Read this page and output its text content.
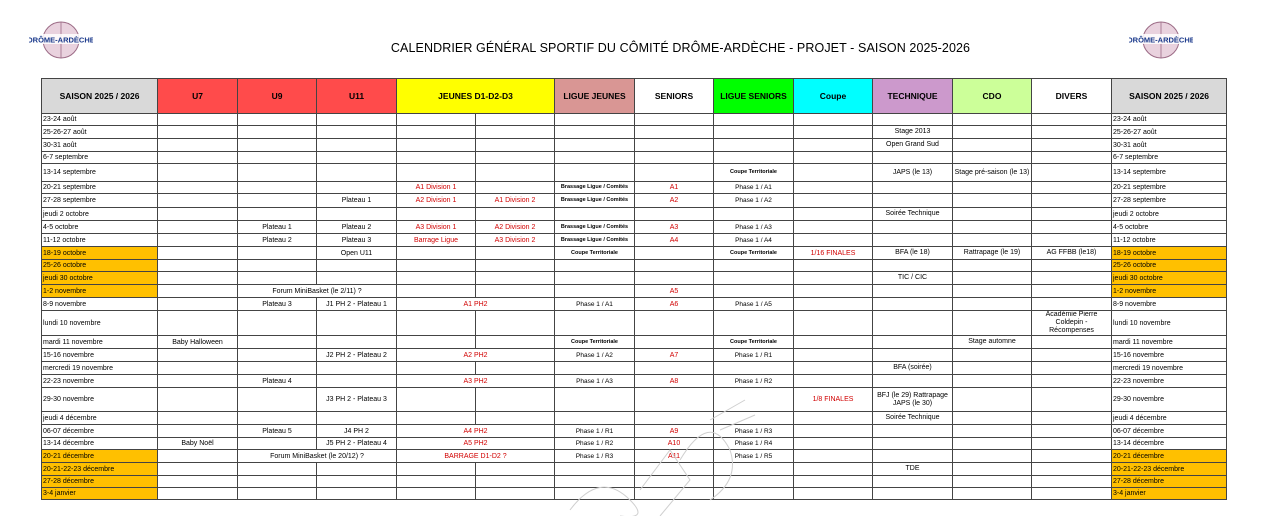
DRÔME-ARDÈCHE	DRÔME-ARDÈCHE
CALENDRIER GÉNÉRAL SPORTIF DU CÔMITÉ DRÔME-ARDÈCHE - PROJET - SAISON 2025-2026
SAISON 2025 / 2026	U7	U9	U11	JEUNES D1-D2-D3		LIGUE JEUNES	SENIORS	LIGUE SENIORS	Coupe	TECHNIQUE	CDO	DIVERS	SAISON 2025 / 2026
23-24 août													23-24 août
25-26-27 août										Stage 2013			25-26-27 août
30-31 août										Open Grand Sud			30-31 août
6-7 septembre													6-7 septembre
13-14 septembre								Coupe Territoriale		JAPS (le 13)	Stage pré-saison (le 13)		13-14 septembre
20-21 septembre				A1 Division 1		Brassage Ligue / Comités	A1	Phase 1 / A1					20-21 septembre
27-28 septembre			Plateau 1	A2 Division 1	A1 Division 2	Brassage Ligue / Comités	A2	Phase 1 / A2					27-28 septembre
jeudi 2 octobre										Soirée Technique			jeudi 2 octobre
4-5 octobre		Plateau 1	Plateau 2	A3 Division 1	A2 Division 2	Brassage Ligue / Comités	A3	Phase 1 / A3					4-5 octobre
11-12 octobre		Plateau 2	Plateau 3	Barrage Ligue	A3 Division 2	Brassage Ligue / Comités	A4	Phase 1 / A4					11-12 octobre
18-19 octobre			Open U11			Coupe Territoriale		Coupe Territoriale	1/16 FINALES	BFA (le 18)	Rattrapage (le 19)	AG FFBB (le18)	18-19 octobre
25-26 octobre													25-26 octobre
jeudi 30 octobre										TIC / CIC			jeudi 30 octobre
1-2 novembre		Forum MiniBasket (le 2/11) ?					A5						1-2 novembre
8-9 novembre		Plateau 3	J1 PH 2 - Plateau 1	A1 PH2		Phase 1 / A1	A6	Phase 1 / A5					8-9 novembre
lundi 10 novembre												Académie Pierre Coldepin - Récompenses	lundi 10 novembre
mardi 11 novembre	Baby Halloween					Coupe Territoriale		Coupe Territoriale			Stage automne		mardi 11 novembre
15-16 novembre			J2 PH 2 - Plateau 2	A2 PH2		Phase 1 / A2	A7	Phase 1 / R1					15-16 novembre
mercredi 19 novembre										BFA (soirée)			mercredi 19 novembre
22-23 novembre		Plateau 4		A3 PH2		Phase 1 / A3	A8	Phase 1 / R2					22-23 novembre
29-30 novembre			J3 PH 2 - Plateau 3						1/8 FINALES	BFJ (le 29) Rattrapage JAPS (le 30)			29-30 novembre
jeudi 4 décembre										Soirée Technique			jeudi 4 décembre
06-07 décembre		Plateau 5	J4 PH 2	A4 PH2		Phase 1 / R1	A9	Phase 1 / R3					06-07 décembre
13-14 décembre	Baby Noël		J5 PH 2 - Plateau 4	A5 PH2		Phase 1 / R2	A10	Phase 1 / R4					13-14 décembre
20-21 décembre		Forum MiniBasket (le 20/12) ?		BARRAGE D1-D2 ?		Phase 1 / R3	A11	Phase 1 / R5					20-21 décembre
20-21-22-23 décembre										TDE			20-21-22-23 décembre
27-28 décembre													27-28 décembre
3-4 janvier													3-4 janvier
